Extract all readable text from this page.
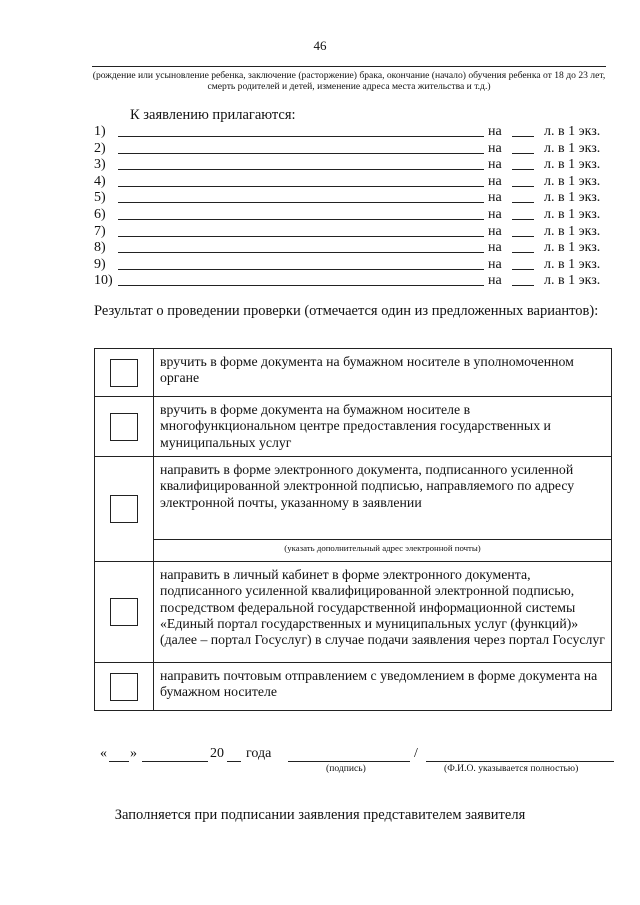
46
(рождение или усыновление ребенка, заключение (расторжение) брака, окончание (начало) обучения ребенка от 18 до 23 лет, смерть родителей и детей, изменение адреса места жительства и т.д.)
К заявлению прилагаются:
1)	на	л. в 1 экз.
2)	на	л. в 1 экз.
3)	на	л. в 1 экз.
4)	на	л. в 1 экз.
5)	на	л. в 1 экз.
6)	на	л. в 1 экз.
7)	на	л. в 1 экз.
8)	на	л. в 1 экз.
9)	на	л. в 1 экз.
10)	на	л. в 1 экз.
Результат о проведении проверки (отмечается один из предложенных вариантов):

	вручить в форме документа на бумажном носителе в уполномоченном органе

	вручить в форме документа на бумажном носителе в многофункциональном центре предоставления государственных и муниципальных услуг

	направить в форме электронного документа, подписанного усиленной квалифицированной электронной подписью, направляемого по адресу электронной почты, указанному в заявлении

	(указать дополнительный адрес электронной почты)

	направить в личный кабинет в форме электронного документа, подписанного усиленной квалифицированной электронной подписью, посредством федеральной государственной информационной системы «Единый портал государственных и муниципальных услуг (функций)» (далее – портал Госуслуг) в случае подачи заявления через портал Госуслуг

	направить почтовым отправлением с уведомлением в форме документа на бумажном носителе
« »	20 года	/
(подпись)	(Ф.И.О. указывается полностью)
Заполняется при подписании заявления представителем заявителя
